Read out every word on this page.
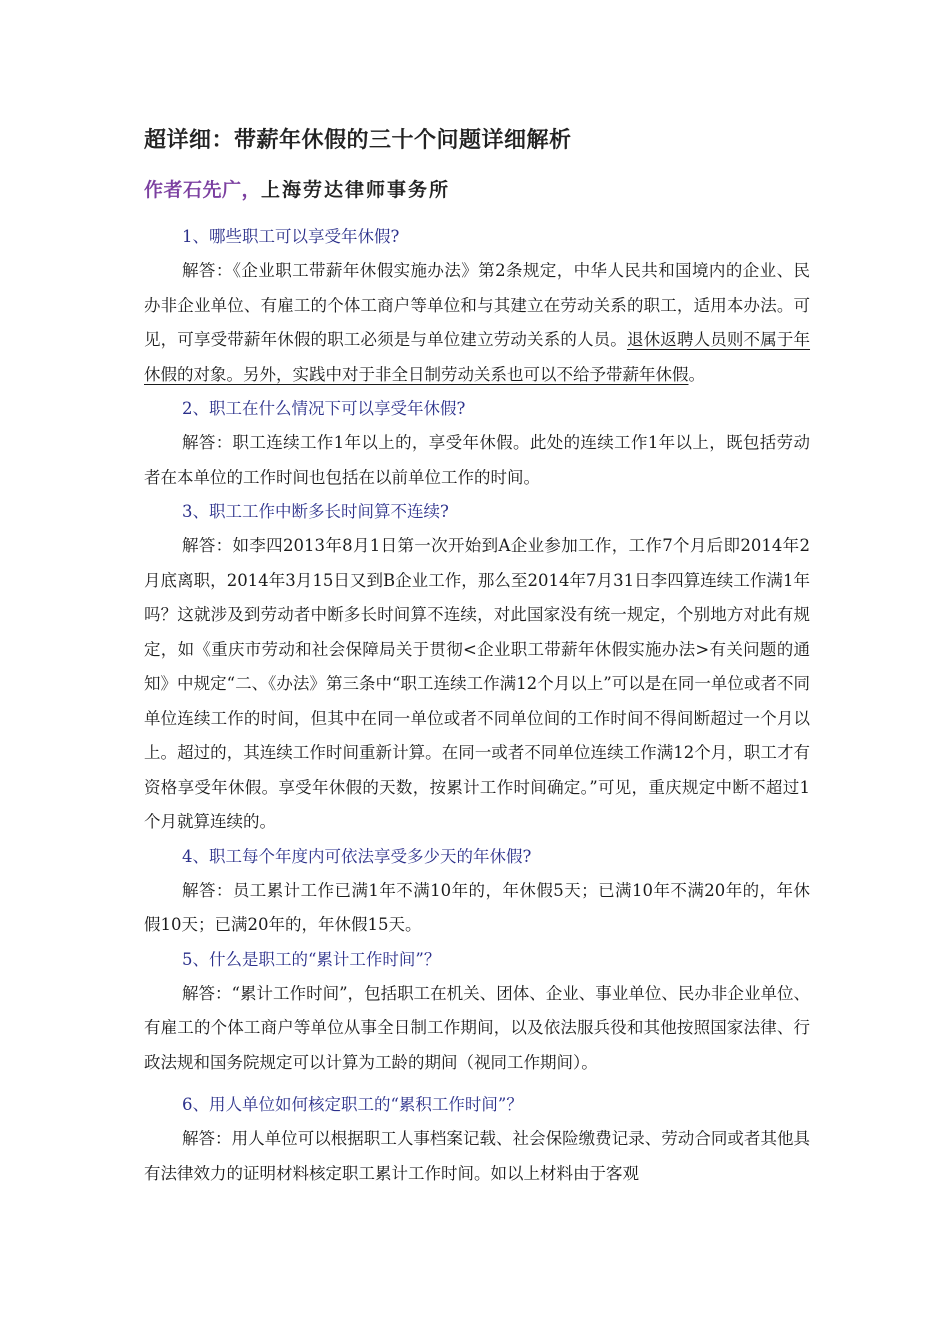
超详细：带薪年休假的三十个问题详细解析

作者石先广，上海劳达律师事务所

1、哪些职工可以享受年休假?

解答：《企业职工带薪年休假实施办法》第2条规定，中华人民共和国境内的企业、民办非企业单位、有雇工的个体工商户等单位和与其建立在劳动关系的职工，适用本办法。可见，可享受带薪年休假的职工必须是与单位建立劳动关系的人员。退休返聘人员则不属于年休假的对象。另外，实践中对于非全日制劳动关系也可以不给予带薪年休假。

2、职工在什么情况下可以享受年休假?

解答：职工连续工作1年以上的，享受年休假。此处的连续工作1年以上，既包括劳动者在本单位的工作时间也包括在以前单位工作的时间。

3、职工工作中断多长时间算不连续?

解答：如李四2013年8月1日第一次开始到A企业参加工作，工作7个月后即2014年2月底离职，2014年3月15日又到B企业工作，那么至2014年7月31日李四算连续工作满1年吗？这就涉及到劳动者中断多长时间算不连续，对此国家没有统一规定，个别地方对此有规定，如《重庆市劳动和社会保障局关于贯彻<企业职工带薪年休假实施办法>有关问题的通知》中规定“二、《办法》第三条中“职工连续工作满12个月以上”可以是在同一单位或者不同单位连续工作的时间，但其中在同一单位或者不同单位间的工作时间不得间断超过一个月以上。超过的，其连续工作时间重新计算。在同一或者不同单位连续工作满12个月，职工才有资格享受年休假。享受年休假的天数，按累计工作时间确定。”可见，重庆规定中断不超过1个月就算连续的。

4、职工每个年度内可依法享受多少天的年休假?

解答：员工累计工作已满1年不满10年的，年休假5天；已满10年不满20年的，年休假10天；已满20年的，年休假15天。

5、什么是职工的“累计工作时间”？

解答：“累计工作时间”，包括职工在机关、团体、企业、事业单位、民办非企业单位、有雇工的个体工商户等单位从事全日制工作期间，以及依法服兵役和其他按照国家法律、行政法规和国务院规定可以计算为工龄的期间（视同工作期间）。

6、用人单位如何核定职工的“累积工作时间”？

解答：用人单位可以根据职工人事档案记载、社会保险缴费记录、劳动合同或者其他具有法律效力的证明材料核定职工累计工作时间。如以上材料由于客观
